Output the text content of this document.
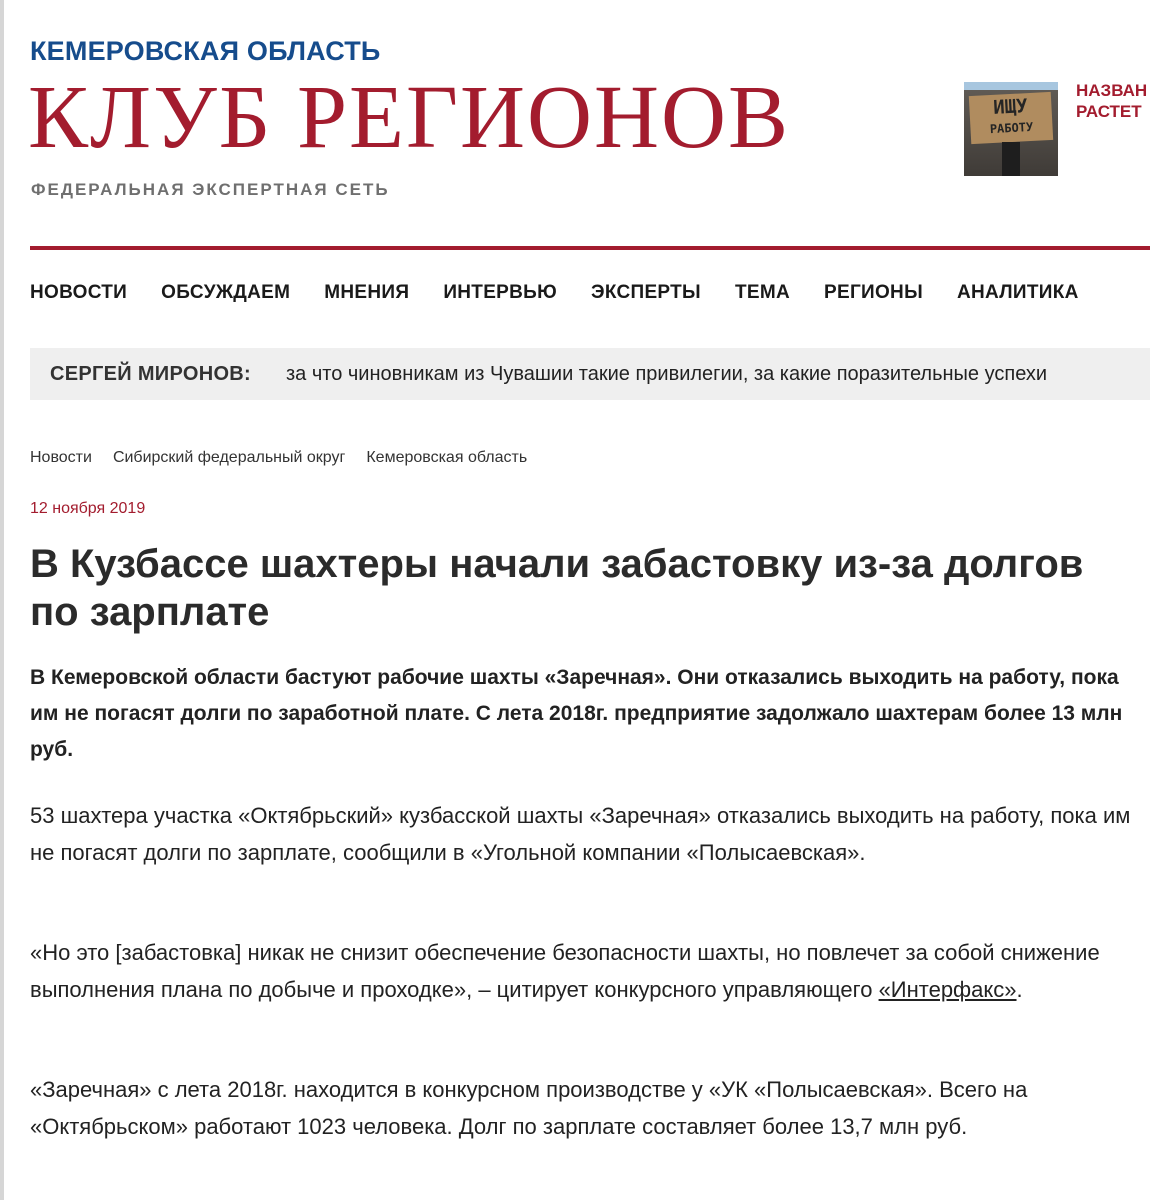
КЕМЕРОВСКАЯ ОБЛАСТЬ
КЛУБ РЕГИОНОВ
ФЕДЕРАЛЬНАЯ ЭКСПЕРТНАЯ СЕТЬ
ИЩУ
РАБОТУ
НАЗВАН
РАСТЕТ
НОВОСТИ ОБСУЖДАЕМ МНЕНИЯ ИНТЕРВЬЮ ЭКСПЕРТЫ ТЕМА РЕГИОНЫ АНАЛИТИКА
СЕРГЕЙ МИРОНОВ: за что чиновникам из Чувашии такие привилегии, за какие поразительные успехи
Новости Сибирский федеральный округ Кемеровская область
12 ноября 2019
В Кузбассе шахтеры начали забастовку из-за долгов по зарплате

В Кемеровской области бастуют рабочие шахты «Заречная». Они отказались выходить на работу, пока им не погасят долги по заработной плате. С лета 2018г. предприятие задолжало шахтерам более 13 млн руб.

53 шахтера участка «Октябрьский» кузбасской шахты «Заречная» отказались выходить на работу, пока им не погасят долги по зарплате, сообщили в «Угольной компании «Полысаевская».

«Но это [забастовка] никак не снизит обеспечение безопасности шахты, но повлечет за собой снижение выполнения плана по добыче и проходке», – цитирует конкурсного управляющего «Интерфакс».

«Заречная» с лета 2018г. находится в конкурсном производстве у «УК «Полысаевская». Всего на «Октябрьском» работают 1023 человека. Долг по зарплате составляет более 13,7 млн руб.
